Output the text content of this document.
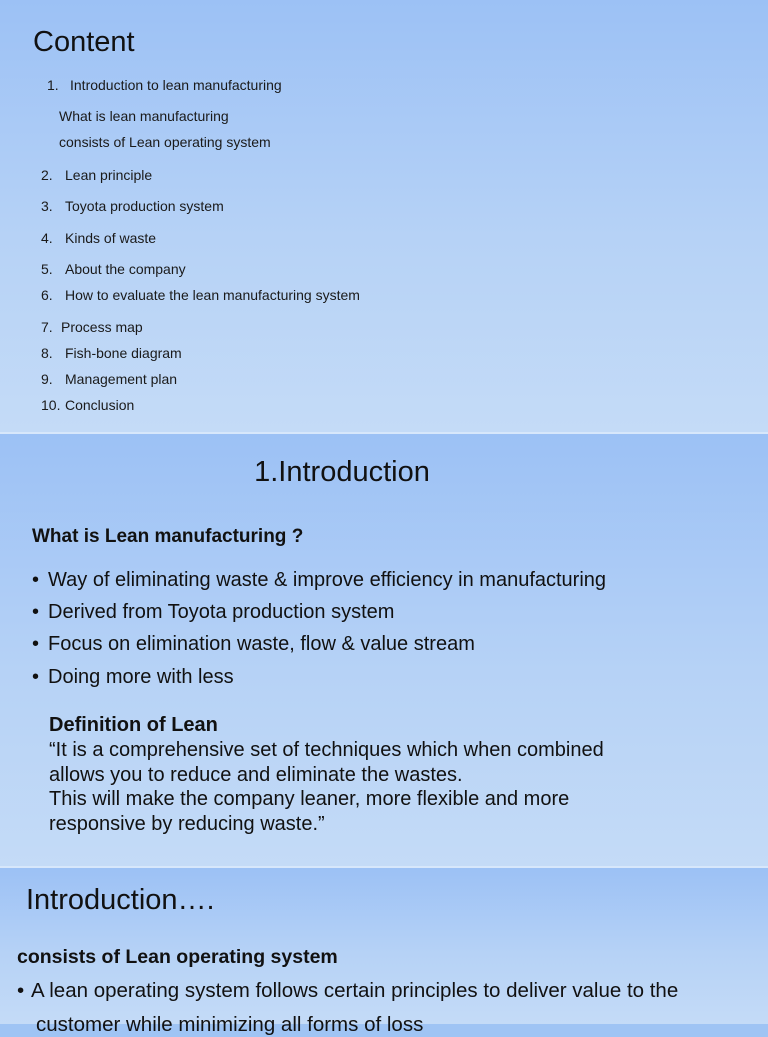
Content
1. Introduction to lean manufacturing
What is lean manufacturing
consists of Lean operating system
2. Lean principle
3. Toyota production system
4. Kinds of waste
5. About the company
6. How to evaluate the lean manufacturing system
7. Process map
8. Fish-bone diagram
9. Management plan
10. Conclusion
1.Introduction
What is Lean manufacturing ?
• Way of eliminating waste & improve efficiency in manufacturing
• Derived from Toyota production system
• Focus on elimination waste, flow & value stream
• Doing more with less
Definition of Lean
“It is a comprehensive set of techniques which when combined
allows you to reduce and eliminate the wastes.
This will make the company leaner, more flexible and more
responsive by reducing waste.”
Introduction….
consists of Lean operating system
• A lean operating system follows certain principles to deliver value to the
customer while minimizing all forms of loss
